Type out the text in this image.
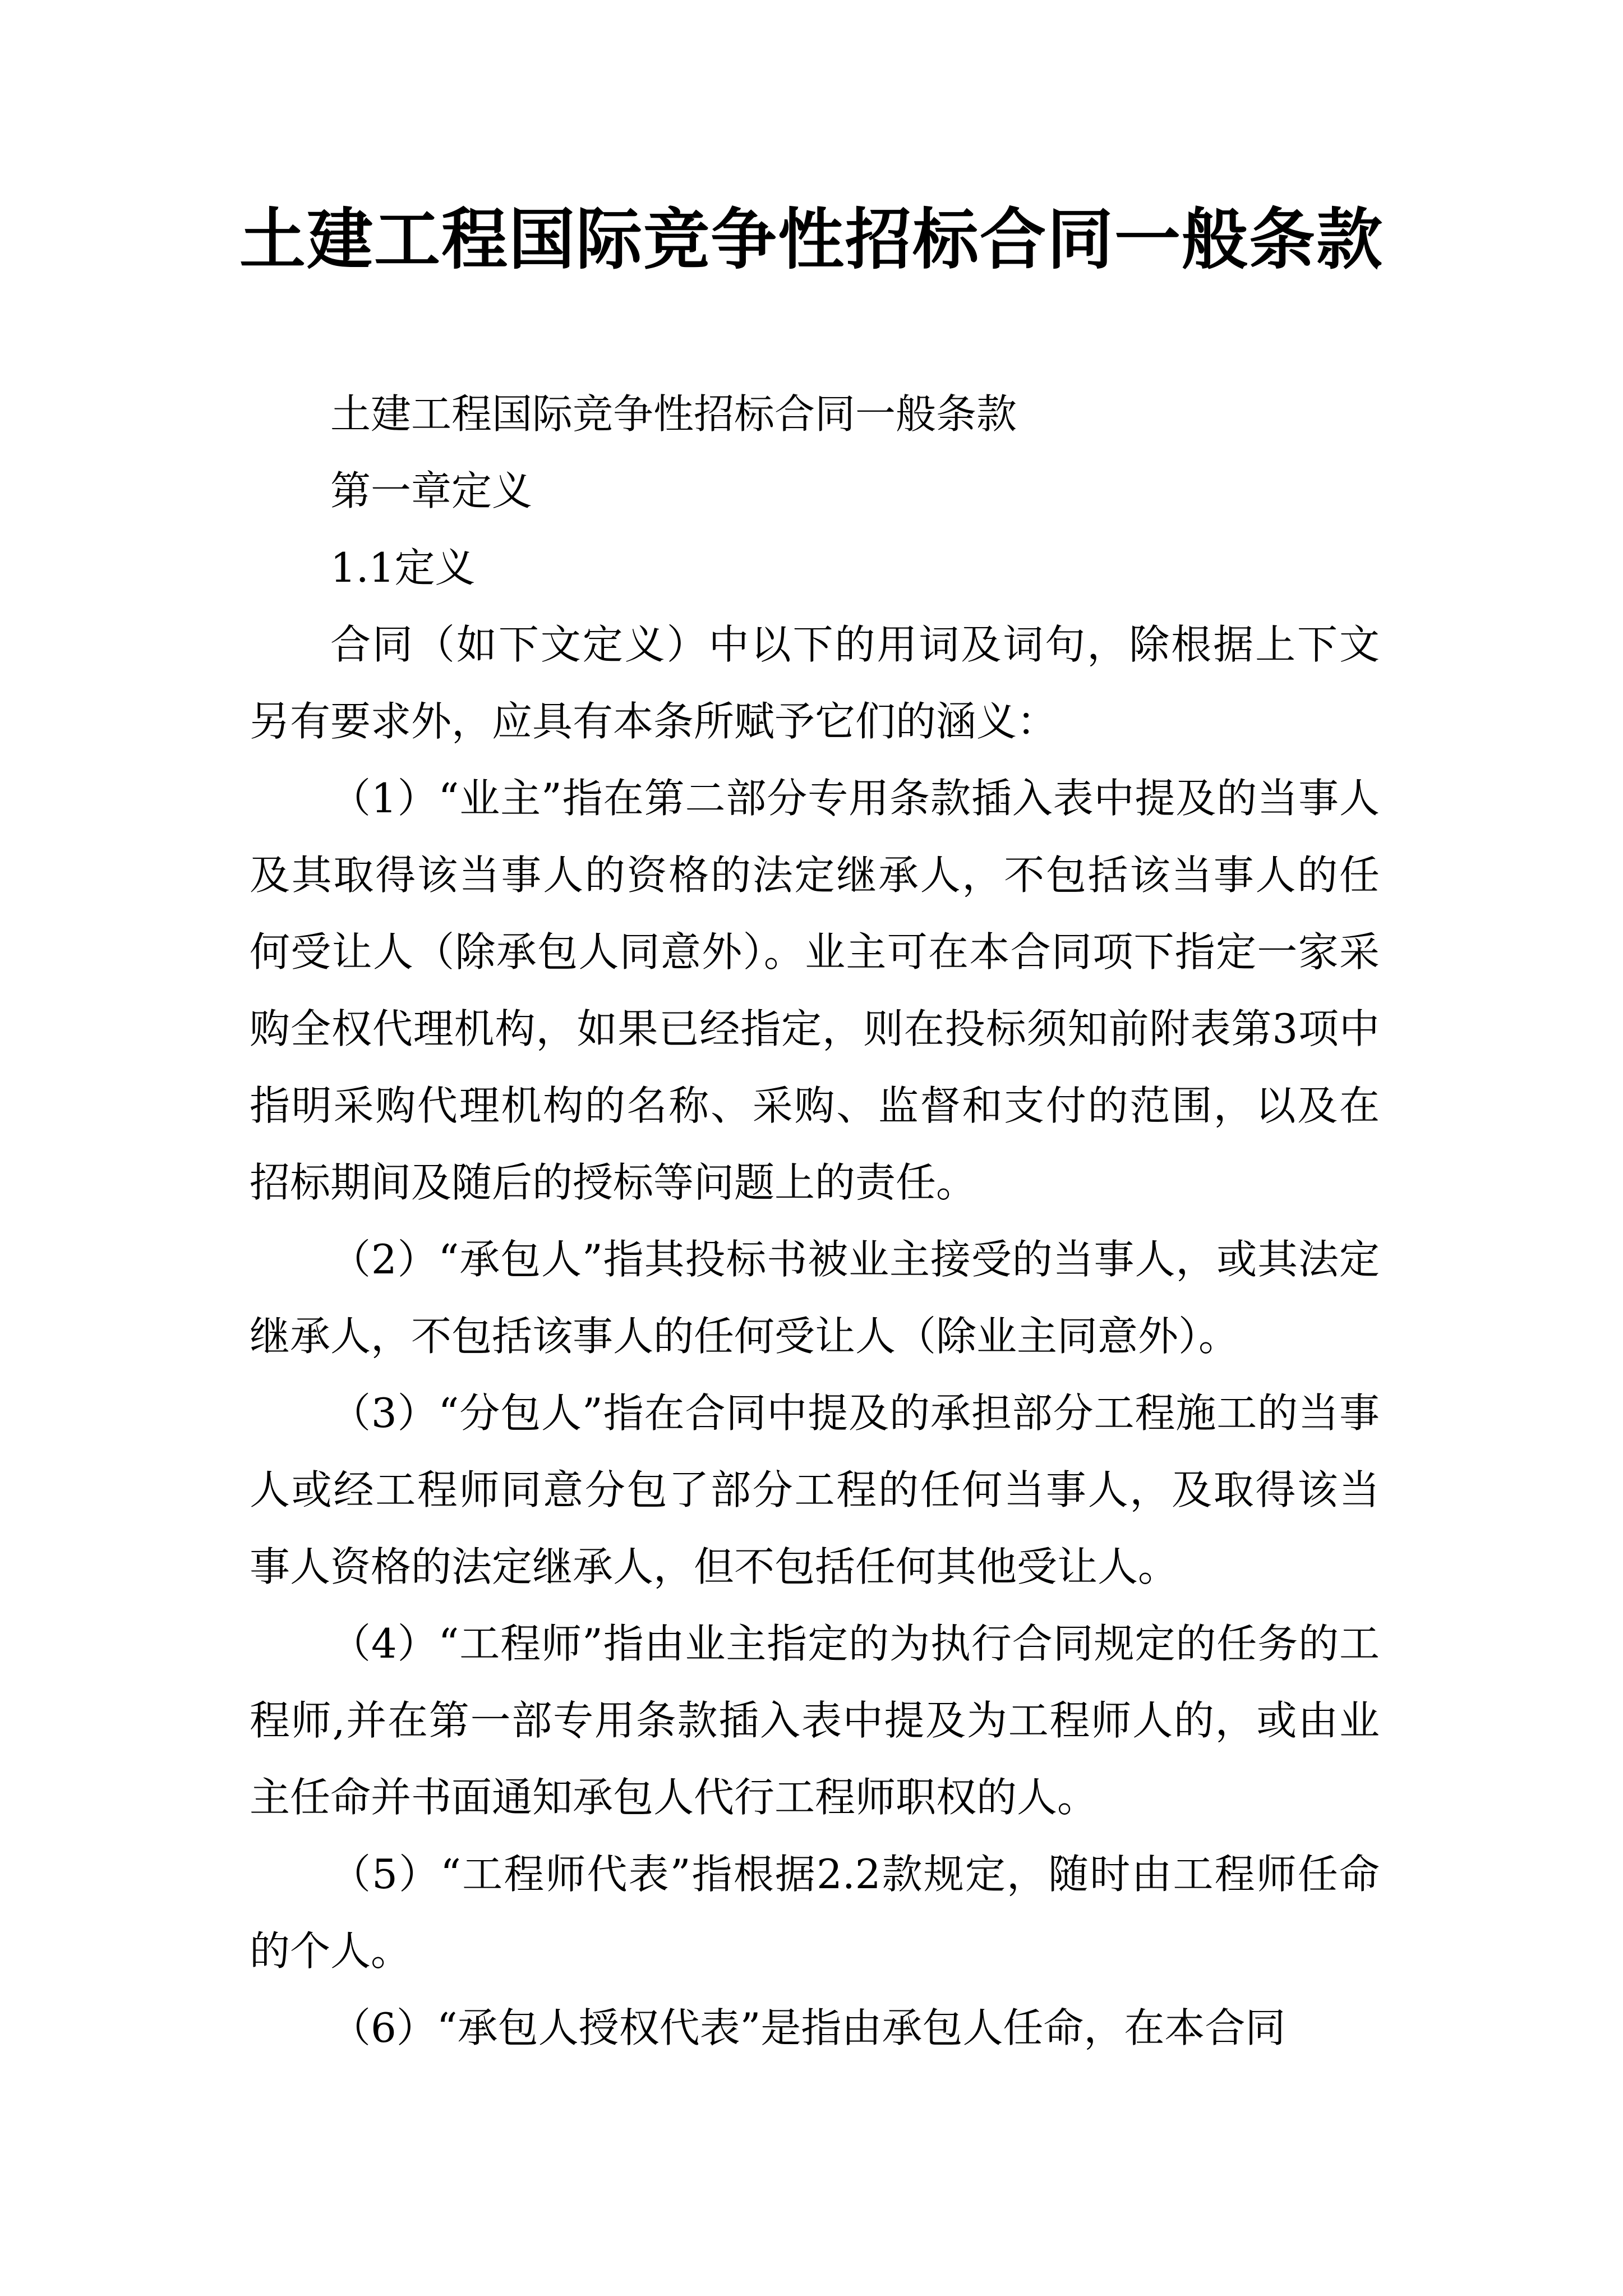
土建工程国际竞争性招标合同一般条款

土建工程国际竞争性招标合同一般条款

第一章定义

1.1定义

合同（如下文定义）中以下的用词及词句，除根据上下文另有要求外，应具有本条所赋予它们的涵义：

（1）“业主”指在第二部分专用条款插入表中提及的当事人及其取得该当事人的资格的法定继承人，不包括该当事人的任何受让人（除承包人同意外）。业主可在本合同项下指定一家采购全权代理机构，如果已经指定，则在投标须知前附表第3项中指明采购代理机构的名称、采购、监督和支付的范围，以及在招标期间及随后的授标等问题上的责任。

（2）“承包人”指其投标书被业主接受的当事人，或其法定继承人，不包括该事人的任何受让人（除业主同意外）。

（3）“分包人”指在合同中提及的承担部分工程施工的当事人或经工程师同意分包了部分工程的任何当事人，及取得该当事人资格的法定继承人，但不包括任何其他受让人。

（4）“工程师”指由业主指定的为执行合同规定的任务的工程师,并在第一部专用条款插入表中提及为工程师人的，或由业主任命并书面通知承包人代行工程师职权的人。

（5）“工程师代表”指根据2.2款规定，随时由工程师任命的个人。

（6）“承包人授权代表”是指由承包人任命，在本合同
